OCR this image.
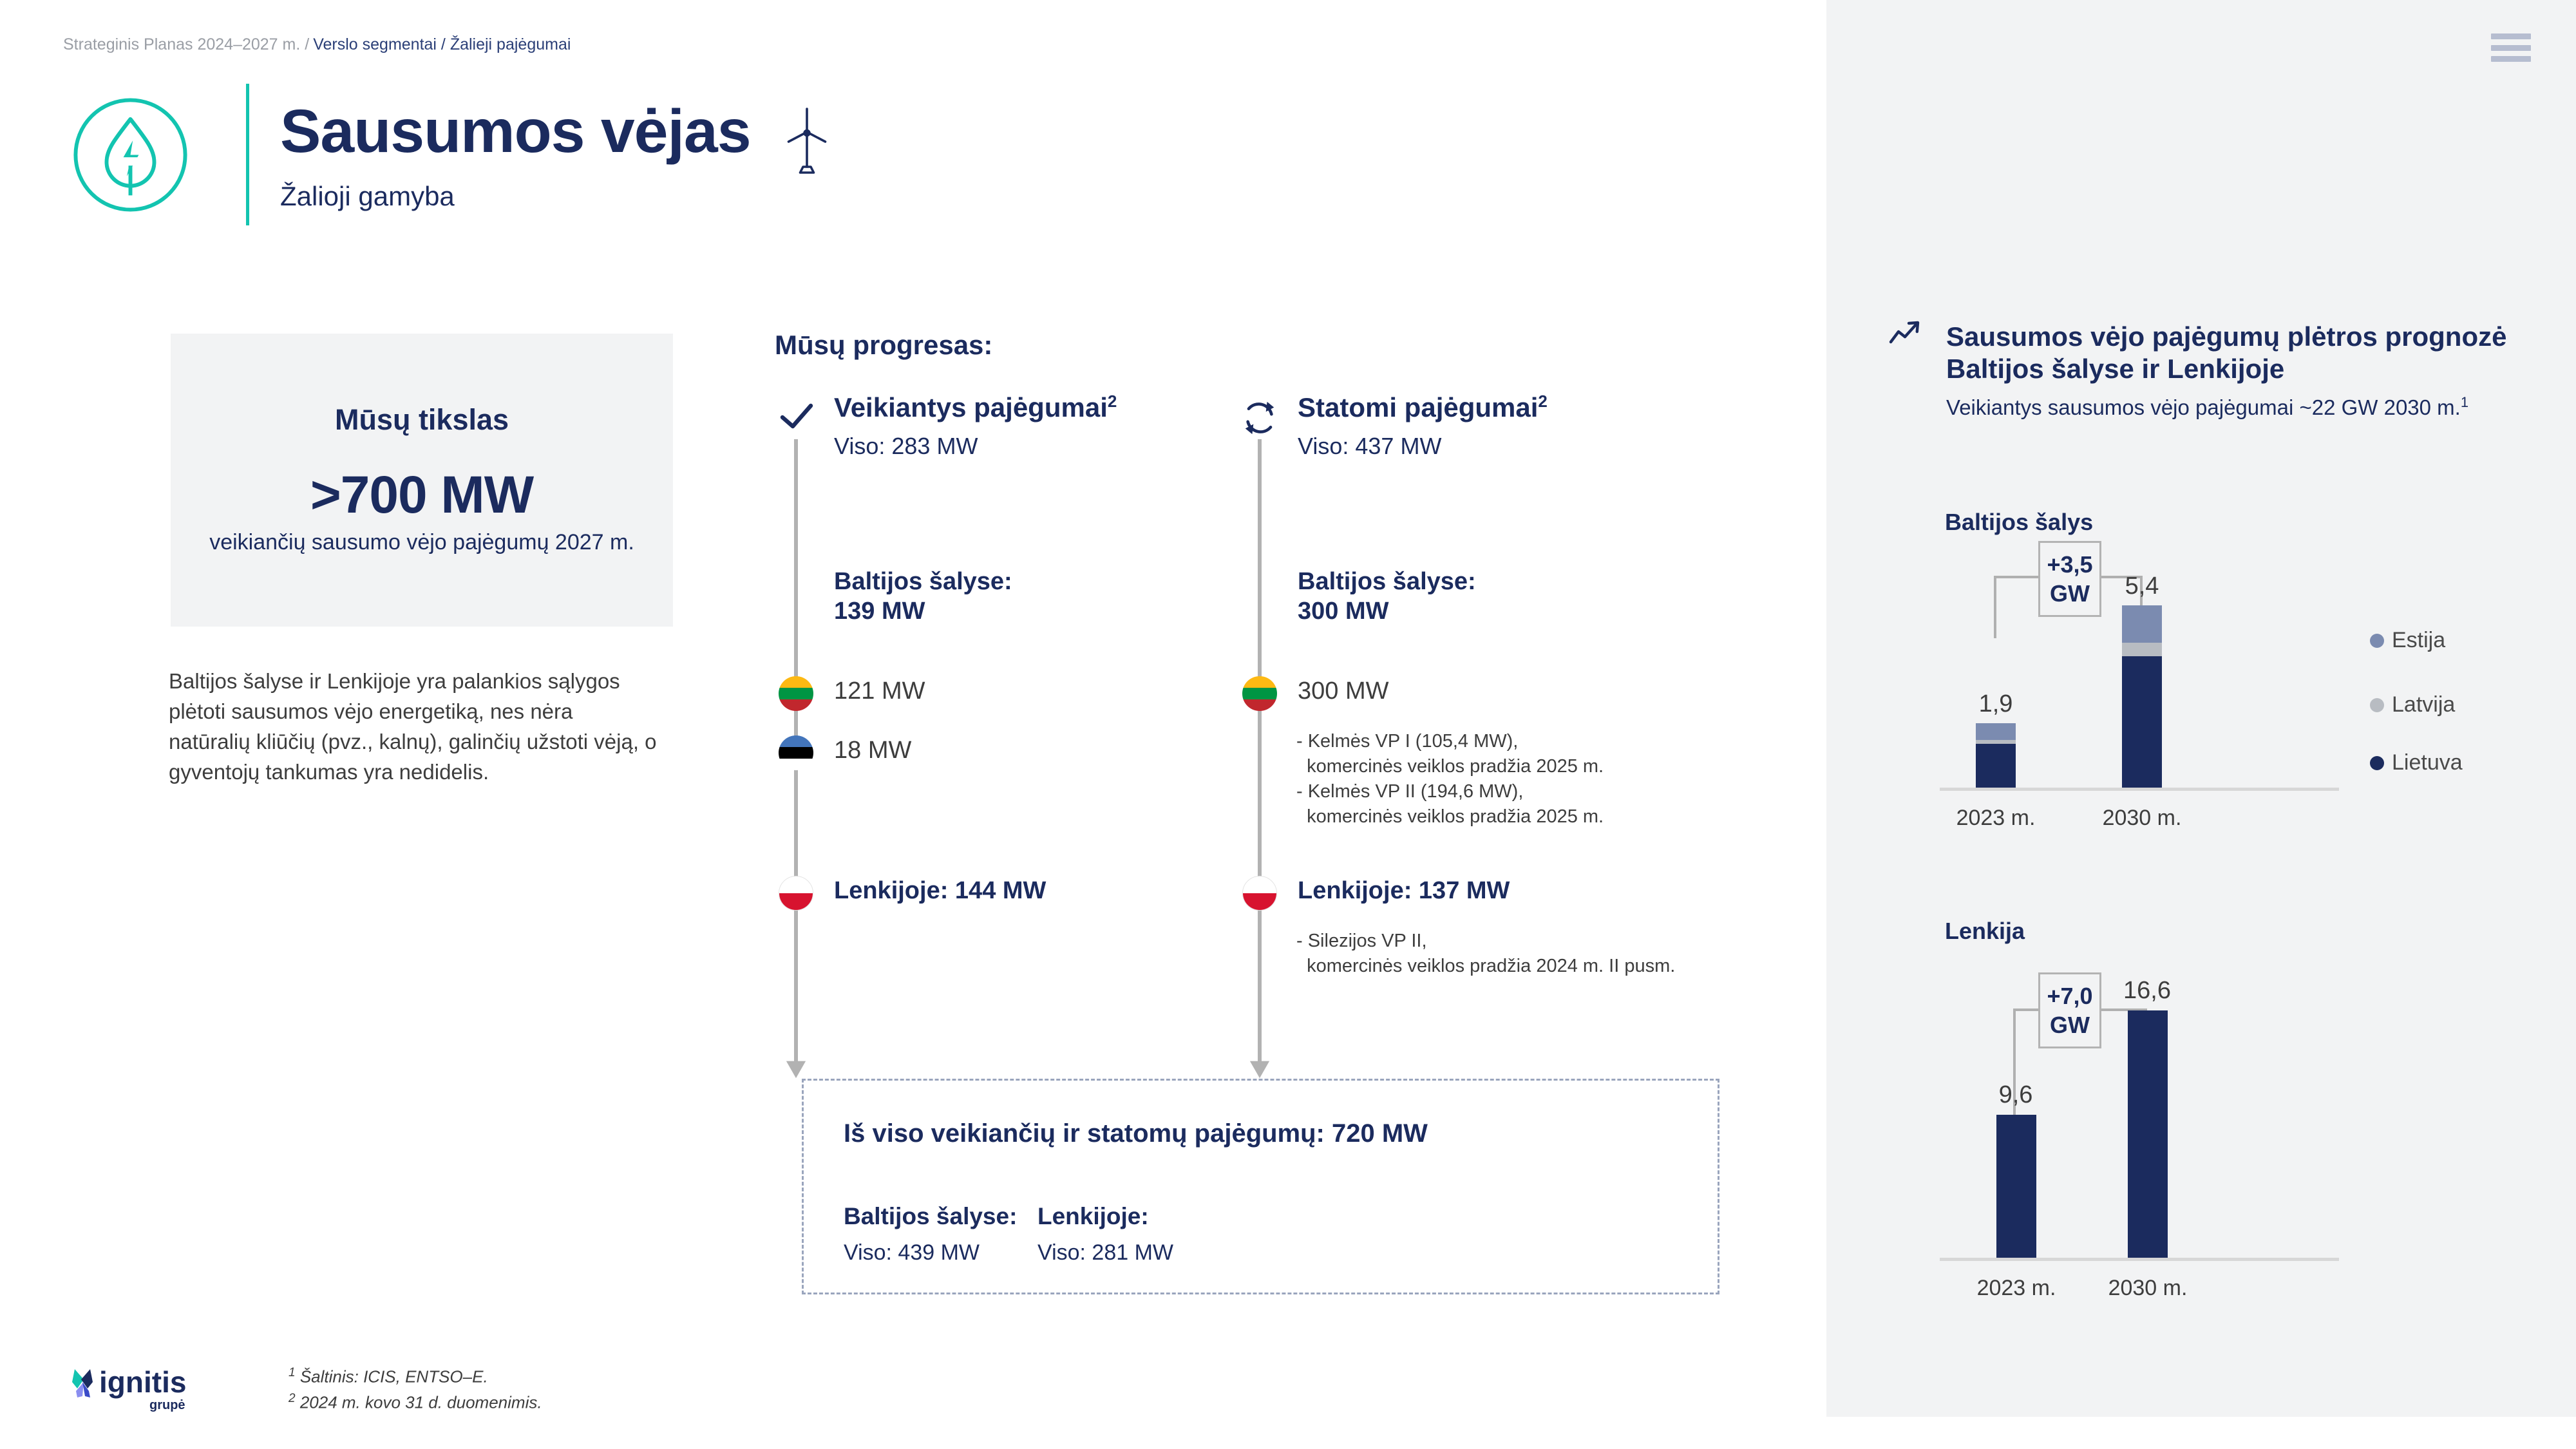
Strateginis Planas 2024–2027 m. / Verslo segmentai / Žalieji pajėgumai
Sausumos vėjas
Žalioji gamyba
Mūsų tikslas
>700 MW
veikiančių sausumo vėjo pajėgumų 2027 m.
Baltijos šalyse ir Lenkijoje yra palankios sąlygos plėtoti sausumos vėjo energetiką, nes nėra natūralių kliūčių (pvz., kalnų), galinčių užstoti vėją, o gyventojų tankumas yra nedidelis.
Mūsų progresas:
Veikiantys pajėgumai$^2$
Viso: 283 MW
Baltijos šalyse:
139 MW
121 MW
18 MW
Lenkijoje: 144 MW
Statomi pajėgumai$^2$
Viso: 437 MW
Baltijos šalyse:
300 MW
300 MW
- Kelmės VP I (105,4 MW),
komercinės veiklos pradžia 2025 m.
- Kelmės VP II (194,6 MW),
komercinės veiklos pradžia 2025 m.
Lenkijoje: 137 MW
- Silezijos VP II,
komercinės veiklos pradžia 2024 m. II pusm.
Iš viso veikiančių ir statomų pajėgumų: 720 MW
Baltijos šalyse:
Viso: 439 MW
Lenkijoje:
Viso: 281 MW
Sausumos vėjo pajėgumų plėtros prognozė Baltijos šalyse ir Lenkijoje
Veikiantys sausumos vėjo pajėgumai ~22 GW 2030 m.$^1$
Baltijos šalys
+3,5
GW
1,9
2023 m.
5,4
2030 m.
Estija
Latvija
Lietuva
Lenkija
+7,0
GW
9,6
2023 m.
16,6
2030 m.
ignitis
grupė
$^1$ Šaltinis: ICIS, ENTSO–E.
$^2$ 2024 m. kovo 31 d. duomenimis.
